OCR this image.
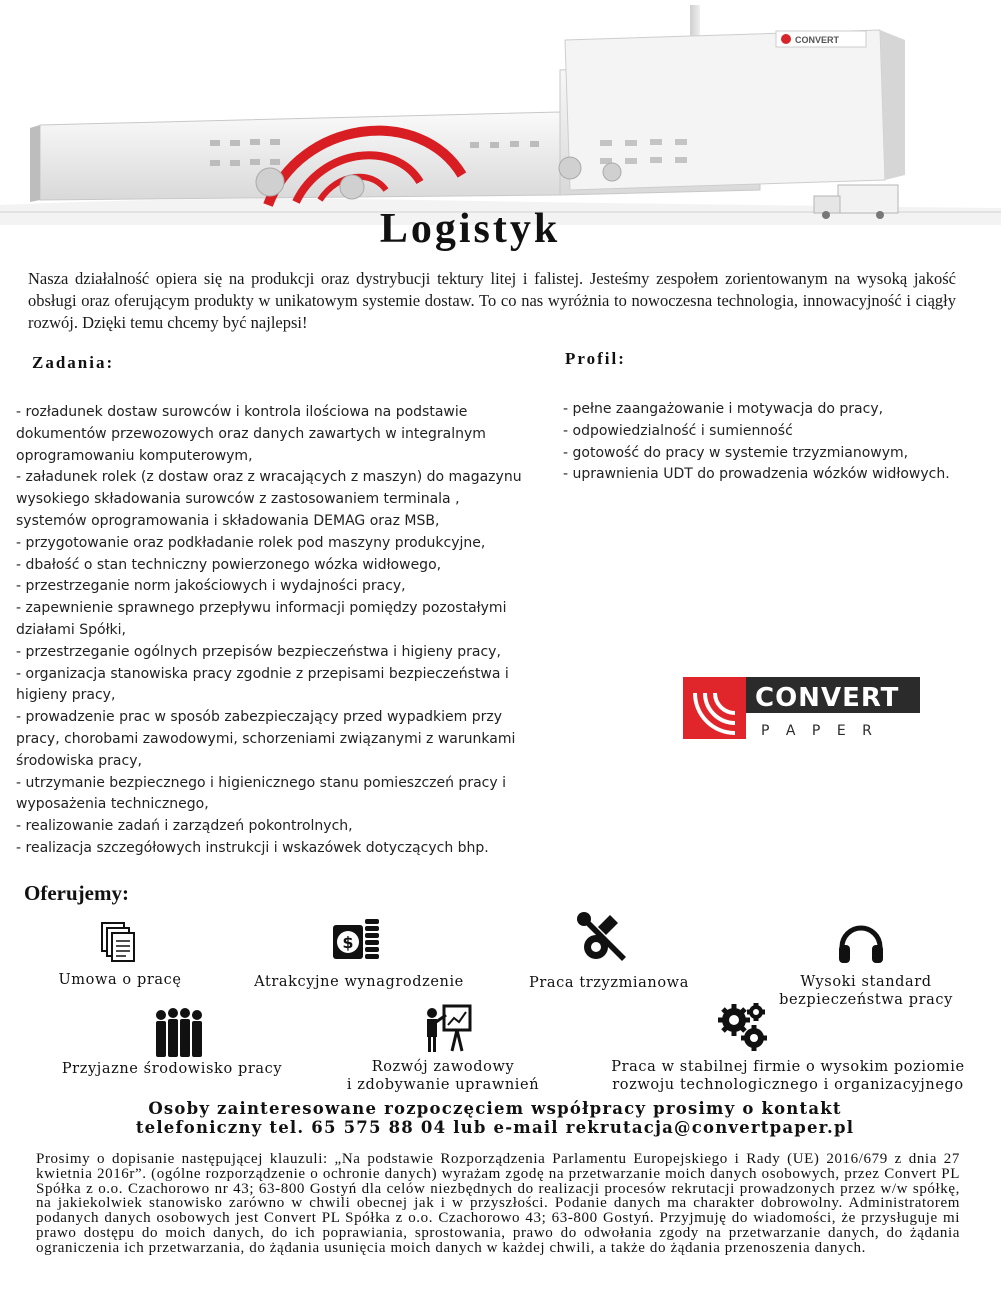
CONVERT
Logistyk
Nasza działalność opiera się na produkcji oraz dystrybucji tektury litej i falistej. Jesteśmy zespołem zorientowanym na wysoką jakość obsługi oraz oferującym produkty w unikatowym systemie dostaw. To co nas wyróżnia to nowoczesna technologia, innowacyjność i ciągły rozwój. Dzięki temu chcemy być najlepsi!
Zadania:	Profil:
- rozładunek dostaw surowców i kontrola ilościowa na podstawie
dokumentów przewozowych oraz danych zawartych w integralnym
oprogramowaniu komputerowym,
- załadunek rolek (z dostaw oraz z wracających z maszyn) do magazynu
wysokiego składowania surowców z zastosowaniem terminala ,
systemów oprogramowania i składowania DEMAG oraz MSB,
- przygotowanie oraz podkładanie rolek pod maszyny produkcyjne,
- dbałość o stan techniczny powierzonego wózka widłowego,
- przestrzeganie norm jakościowych i wydajności pracy,
- zapewnienie sprawnego przepływu informacji pomiędzy pozostałymi
działami Spółki,
- przestrzeganie ogólnych przepisów bezpieczeństwa i higieny pracy,
- organizacja stanowiska pracy zgodnie z przepisami bezpieczeństwa i
higieny pracy,
- prowadzenie prac w sposób zabezpieczający przed wypadkiem przy
pracy, chorobami zawodowymi, schorzeniami związanymi z warunkami
środowiska pracy,
- utrzymanie bezpiecznego i higienicznego stanu pomieszczeń pracy i
wyposażenia technicznego,
- realizowanie zadań i zarządzeń pokontrolnych,
- realizacja szczegółowych instrukcji i wskazówek dotyczących bhp.
- pełne zaangażowanie i motywacja do pracy,
- odpowiedzialność i sumienność
- gotowość do pracy w systemie trzyzmianowym,
- uprawnienia UDT do prowadzenia wózków widłowych.
CONVERT
P A P E R
Oferujemy:
$
Umowa o pracę	Atrakcyjne wynagrodzenie	Praca trzyzmianowa	Wysoki standard
bezpieczeństwa pracy
Przyjazne środowisko pracy	Rozwój zawodowy
i zdobywanie uprawnień
Praca w stabilnej firmie o wysokim poziomie
rozwoju technologicznego i organizacyjnego
Osoby zainteresowane rozpoczęciem współpracy prosimy o kontakt
telefoniczny tel. 65 575 88 04 lub e-mail rekrutacja@convertpaper.pl
Prosimy o dopisanie następującej klauzuli: „Na podstawie Rozporządzenia Parlamentu Europejskiego i Rady (UE) 2016/679 z dnia 27 kwietnia 2016r”. (ogólne rozporządzenie o ochronie danych) wyrażam zgodę na przetwarzanie moich danych osobowych, przez Convert PL Spółka z o.o. Czachorowo nr 43; 63-800 Gostyń dla celów niezbędnych do realizacji procesów rekrutacji prowadzonych przez w/w spółkę, na jakiekolwiek stanowisko zarówno w chwili obecnej jak i w przyszłości. Podanie danych ma charakter dobrowolny. Administratorem podanych danych osobowych jest Convert PL Spółka z o.o. Czachorowo 43; 63-800 Gostyń. Przyjmuję do wiadomości, że przysługuje mi prawo dostępu do moich danych, do ich poprawiania, sprostowania, prawo do odwołania zgody na przetwarzanie danych, do żądania ograniczenia ich przetwarzania, do żądania usunięcia moich danych w każdej chwili, a także do żądania przenoszenia danych.
